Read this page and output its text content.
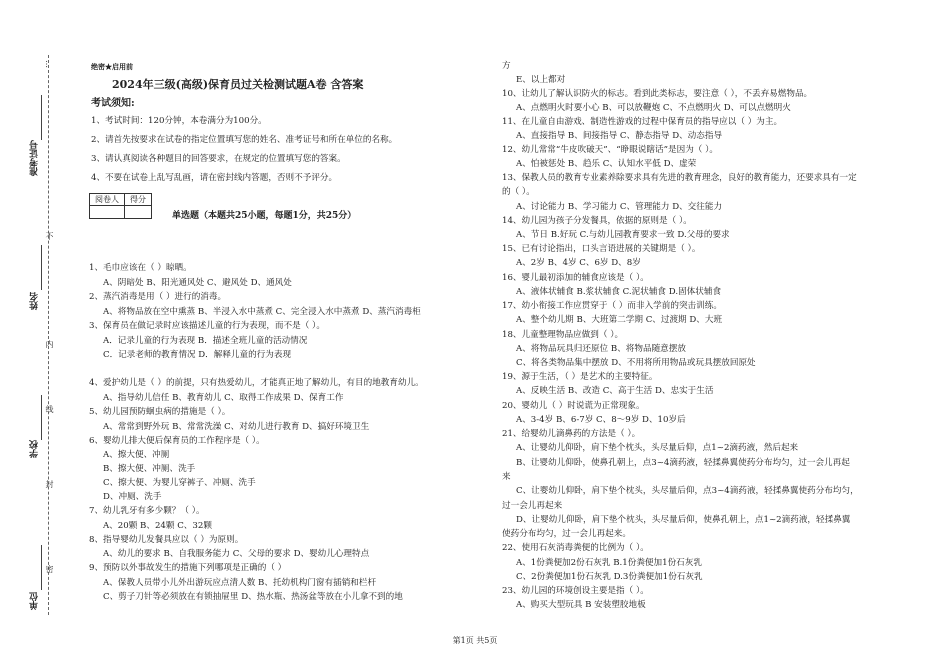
…
不
内
线
封
密
准考证号
姓名
学校
单位
绝密★启用前
2024年三级(高级)保育员过关检测试题A卷 含答案
考试须知:
1、考试时间：120分钟，本卷满分为100分。
2、请首先按要求在试卷的指定位置填写您的姓名、准考证号和所在单位的名称。
3、请认真阅读各种题目的回答要求，在规定的位置填写您的答案。
4、不要在试卷上乱写乱画，请在密封线内答题，否则不予评分。
阅卷人	得分

单选题（本题共25小题，每题1分，共25分）
1、毛巾应该在（ ）晾晒。
A、阴暗处 B、阳光通风处 C、避风处 D、通风处
2、蒸汽消毒是用（ ）进行的消毒。
A、将物品放在空中熏蒸 B、半浸入水中蒸煮 C、完全浸入水中蒸煮 D、蒸汽消毒柜
3、保育员在做记录时应该描述儿童的行为表现，而不是（ ）。
A．记录儿童的行为表现 B．描述全班儿童的活动情况
C．记录老师的教育情况 D．解释儿童的行为表现
4、爱护幼儿是（ ）的前提，只有热爱幼儿，才能真正地了解幼儿，有目的地教育幼儿。
A、指导幼儿信任 B、教育幼儿 C、取得工作成果 D、保育工作
5、幼儿园预防蛔虫病的措施是（ ）。
A、常常到野外玩 B、常常洗澡 C、对幼儿进行教育 D、搞好环境卫生
6、婴幼儿排大便后保育员的工作程序是（ ）。
A、擦大便、冲厕
B、擦大便、冲厕、洗手
C、擦大便、为婴儿穿裤子、冲厕、洗手
D、冲厕、洗手
7、幼儿乳牙有多少颗？（ ）。
A、20颗 B、24颗 C、32颗
8、指导婴幼儿发餐具应以（ ）为原则。
A、幼儿的要求 B、自我服务能力 C、父母的要求 D、婴幼儿心理特点
9、预防以外事故发生的措施下列哪项是正确的（ ）
A、保教人员带小儿外出游玩应点清人数 B、托幼机构门窗有插销和栏杆
C、剪子刀针等必须放在有锁抽屉里 D、热水瓶、热汤盆等放在小儿拿不到的地
方
E、以上都对
10、让幼儿了解认识防火的标志。看到此类标志，要注意（ ），不丢弃易燃物品。
A、点燃明火时要小心 B、可以放鞭炮 C、不点燃明火 D、可以点燃明火
11、在儿童自由游戏、制造性游戏的过程中保育员的指导应以（ ）为主。
A、直接指导 B、间接指导 C、静态指导 D、动态指导
12、幼儿常常“牛皮吹破天”、“睁眼说瞎话”是因为（ ）。
A、怕被惩处 B、趋乐 C、认知水平低 D、虚荣
13、保教人员的教育专业素养除要求具有先进的教育理念，良好的教育能力，还要求具有一定
的（ ）。
A、讨论能力 B、学习能力 C、管理能力 D、交往能力
14、幼儿园为孩子分发餐具，依据的原则是（ ）。
A、节日 B.好玩 C.与幼儿园教育要求一致 D.父母的要求
15、已有讨论指出，口头言语进展的关键期是（ ）。
A、2岁 B、4岁 C、6岁 D、8岁
16、婴儿最初添加的辅食应该是（ ）。
A、液体状辅食 B.浆状辅食 C.泥状辅食 D.固体状辅食
17、幼小衔接工作应贯穿于（ ）而非入学前的突击训练。
A、整个幼儿期 B、大班第二学期 C、过渡期 D、大班
18、儿童整理物品应做到（ ）。
A、将物品玩具归还原位 B、将物品随意摆放
C、将各类物品集中摆放 D、不用将所用物品或玩具摆放回原处
19、源于生活，（ ）是艺术的主要特征。
A、反映生活 B、改造 C、高于生活 D、忠实于生活
20、婴幼儿（ ）时说谎为正常现象。
A、3-4岁 B、6-7岁 C、8～9岁 D、10岁后
21、给婴幼儿滴鼻药的方法是（ ）。
A、让婴幼儿仰卧，肩下垫个枕头，头尽量后仰，点1~2滴药液，然后起来
B、让婴幼儿仰卧，使鼻孔朝上，点3~4滴药液，轻揉鼻翼使药分布均匀，过一会儿再起
来
C、让婴幼儿仰卧，肩下垫个枕头，头尽量后仰，点3~4滴药液，轻揉鼻翼使药分布均匀，
过一会儿再起来
D、让婴幼儿仰卧，肩下垫个枕头，头尽量后仰，使鼻孔朝上，点1~2滴药液，轻揉鼻翼
使药分布均匀，过一会儿再起来。
22、使用石灰消毒粪便的比例为（ ）。
A、1份粪便加2份石灰乳 B.1份粪便加1份石灰乳
C、2份粪便加1份石灰乳 D.3份粪便加1份石灰乳
23、幼儿园的环境创设主要是指（ ）。
A、购买大型玩具 B 安装塑胶地板
第1页 共5页
